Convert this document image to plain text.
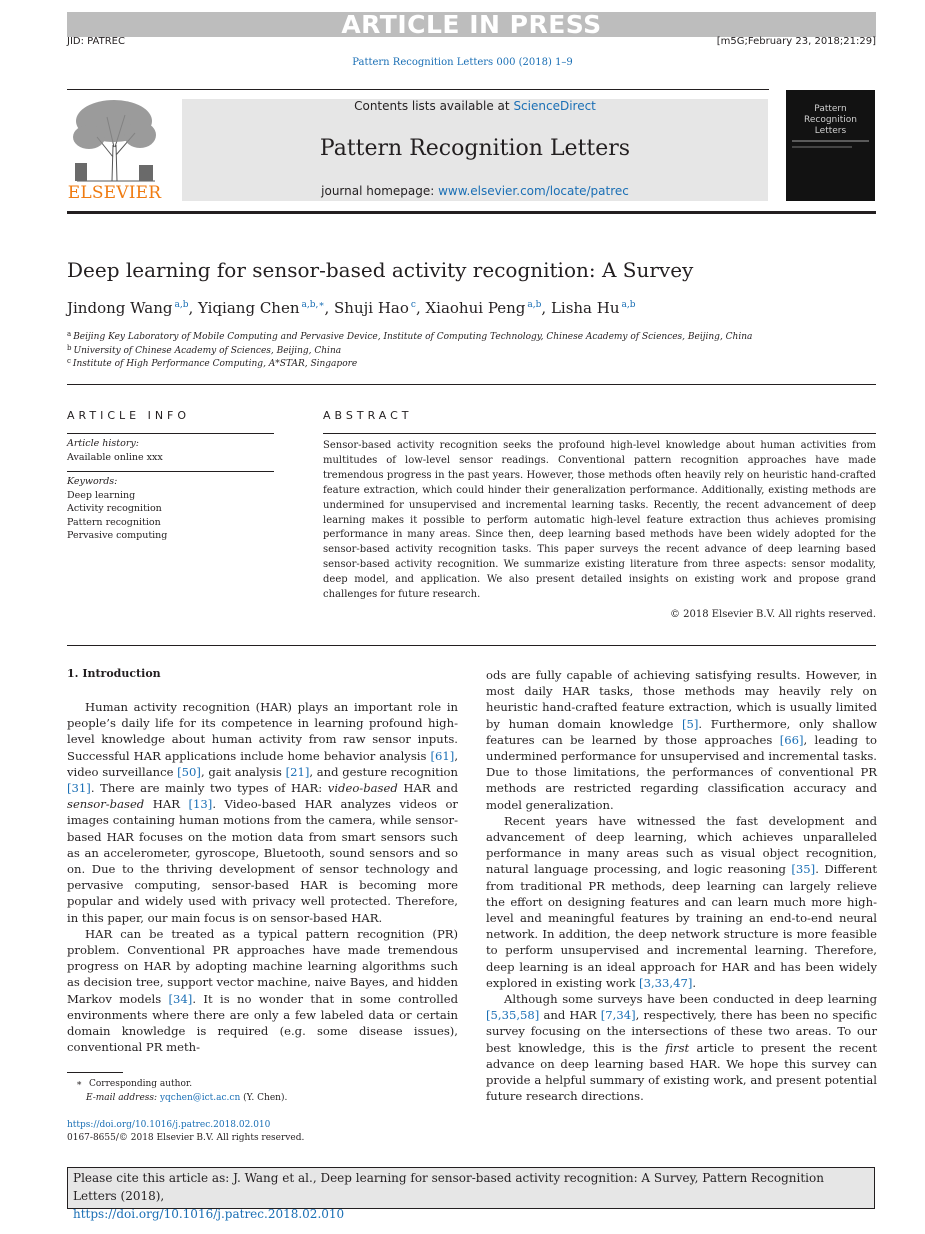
ARTICLE IN PRESS
JID: PATREC	[m5G;February 23, 2018;21:29]
Pattern Recognition Letters 000 (2018) 1–9
ELSEVIER
Contents lists available at ScienceDirect
Pattern Recognition Letters
journal homepage: www.elsevier.com/locate/patrec
Pattern Recognition Letters
Deep learning for sensor-based activity recognition: A Survey
Jindong Wang $^{a,b}$, Yiqiang Chen $^{a,b,∗}$, Shuji Hao $^c$, Xiaohui Peng $^{a,b}$, Lisha Hu $^{a,b}$
$^a$ Beijing Key Laboratory of Mobile Computing and Pervasive Device, Institute of Computing Technology, Chinese Academy of Sciences, Beijing, China
$^b$ University of Chinese Academy of Sciences, Beijing, China
$^c$ Institute of High Performance Computing, A*STAR, Singapore
ARTICLE INFO	ABSTRACT
Article history:
Available online xxx
Keywords:
Deep learning
Activity recognition
Pattern recognition
Pervasive computing
Sensor-based activity recognition seeks the profound high-level knowledge about human activities from multitudes of low-level sensor readings. Conventional pattern recognition approaches have made tremendous progress in the past years. However, those methods often heavily rely on heuristic hand-crafted feature extraction, which could hinder their generalization performance. Additionally, existing methods are undermined for unsupervised and incremental learning tasks. Recently, the recent advancement of deep learning makes it possible to perform automatic high-level feature extraction thus achieves promising performance in many areas. Since then, deep learning based methods have been widely adopted for the sensor-based activity recognition tasks. This paper surveys the recent advance of deep learning based sensor-based activity recognition. We summarize existing literature from three aspects: sensor modality, deep model, and application. We also present detailed insights on existing work and propose grand challenges for future research.
© 2018 Elsevier B.V. All rights reserved.
1. Introduction

Human activity recognition (HAR) plays an important role in people’s daily life for its competence in learning profound high-level knowledge about human activity from raw sensor inputs. Successful HAR applications include home behavior analysis [61], video surveillance [50], gait analysis [21], and gesture recognition [31]. There are mainly two types of HAR: video-based HAR and sensor-based HAR [13]. Video-based HAR analyzes videos or images containing human motions from the camera, while sensor-based HAR focuses on the motion data from smart sensors such as an accelerometer, gyroscope, Bluetooth, sound sensors and so on. Due to the thriving development of sensor technology and pervasive computing, sensor-based HAR is becoming more popular and widely used with privacy well protected. Therefore, in this paper, our main focus is on sensor-based HAR.

HAR can be treated as a typical pattern recognition (PR) problem. Conventional PR approaches have made tremendous progress on HAR by adopting machine learning algorithms such as decision tree, support vector machine, naive Bayes, and hidden Markov models [34]. It is no wonder that in some controlled environments where there are only a few labeled data or certain domain knowledge is required (e.g. some disease issues), conventional PR meth-

ods are fully capable of achieving satisfying results. However, in most daily HAR tasks, those methods may heavily rely on heuristic hand-crafted feature extraction, which is usually limited by human domain knowledge [5]. Furthermore, only shallow features can be learned by those approaches [66], leading to undermined performance for unsupervised and incremental tasks. Due to those limitations, the performances of conventional PR methods are restricted regarding classification accuracy and model generalization.

Recent years have witnessed the fast development and advancement of deep learning, which achieves unparalleled performance in many areas such as visual object recognition, natural language processing, and logic reasoning [35]. Different from traditional PR methods, deep learning can largely relieve the effort on designing features and can learn much more high-level and meaningful features by training an end-to-end neural network. In addition, the deep network structure is more feasible to perform unsupervised and incremental learning. Therefore, deep learning is an ideal approach for HAR and has been widely explored in existing work [3,33,47].

Although some surveys have been conducted in deep learning [5,35,58] and HAR [7,34], respectively, there has been no specific survey focusing on the intersections of these two areas. To our best knowledge, this is the first article to present the recent advance on deep learning based HAR. We hope this survey can provide a helpful summary of existing work, and present potential future research directions.

∗ Corresponding author.
E-mail address: yqchen@ict.ac.cn (Y. Chen).
https://doi.org/10.1016/j.patrec.2018.02.010
0167-8655/© 2018 Elsevier B.V. All rights reserved.
Please cite this article as: J. Wang et al., Deep learning for sensor-based activity recognition: A Survey, Pattern Recognition Letters (2018),
https://doi.org/10.1016/j.patrec.2018.02.010
